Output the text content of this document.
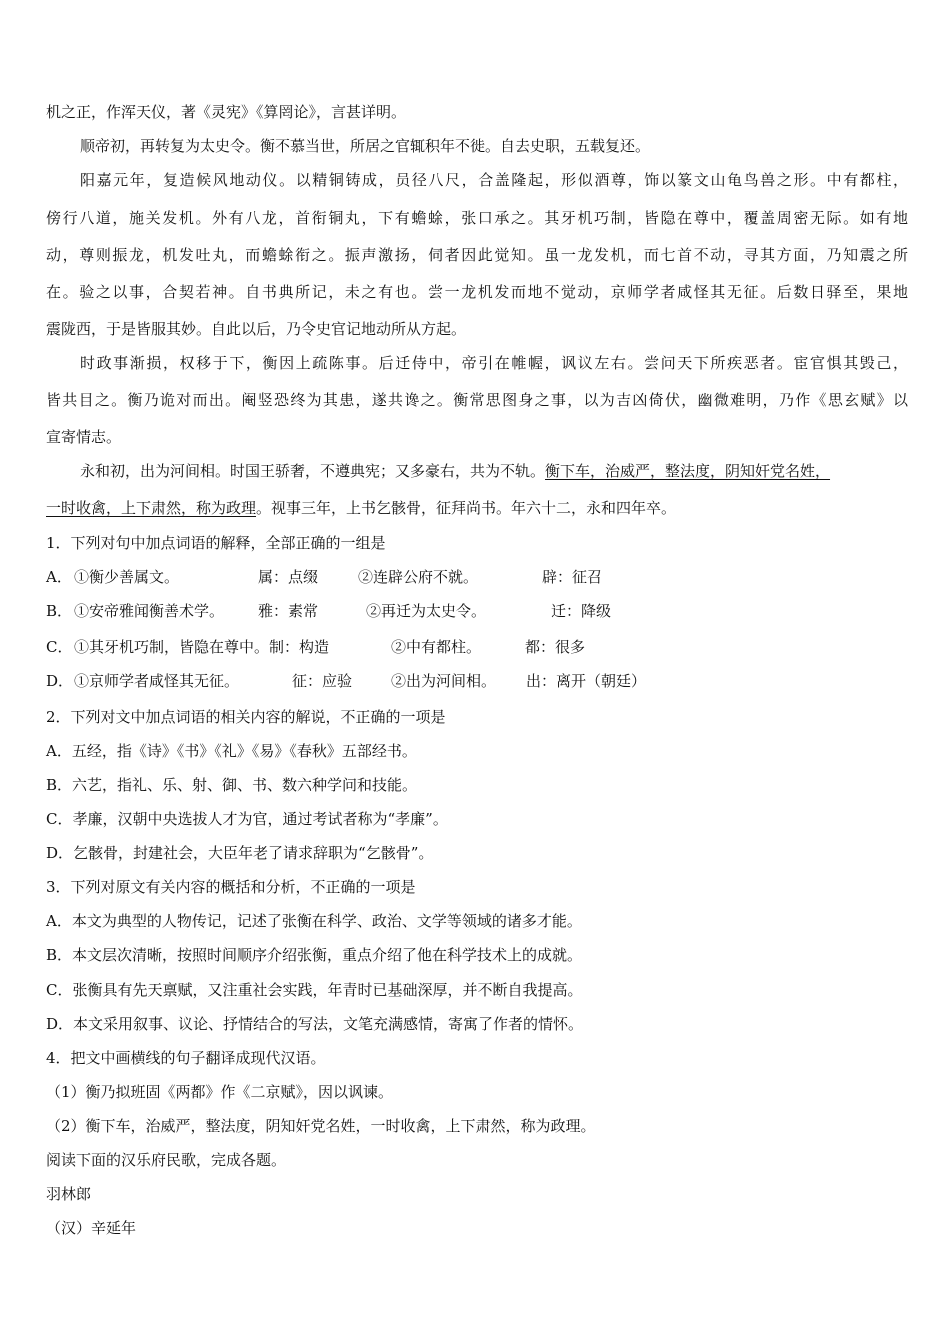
机之正，作浑天仪，著《灵宪》《算罔论》，言甚详明。
顺帝初，再转复为太史令。衡不慕当世，所居之官辄积年不徙。自去史职，五载复还。
阳嘉元年，复造候风地动仪。以精铜铸成，员径八尺，合盖隆起，形似酒尊，饰以篆文山龟鸟兽之形。中有都柱，
傍行八道，施关发机。外有八龙，首衔铜丸，下有蟾蜍，张口承之。其牙机巧制，皆隐在尊中，覆盖周密无际。如有地
动，尊则振龙，机发吐丸，而蟾蜍衔之。振声激扬，伺者因此觉知。虽一龙发机，而七首不动，寻其方面，乃知震之所
在。验之以事，合契若神。自书典所记，未之有也。尝一龙机发而地不觉动，京师学者咸怪其无征。后数日驿至，果地
震陇西，于是皆服其妙。自此以后，乃令史官记地动所从方起。
时政事渐损，权移于下，衡因上疏陈事。后迁侍中，帝引在帷幄，讽议左右。尝问天下所疾恶者。宦官惧其毁己，
皆共目之。衡乃诡对而出。阉竖恐终为其患，遂共谗之。衡常思图身之事，以为吉凶倚伏，幽微难明，乃作《思玄赋》以
宣寄情志。
永和初，出为河间相。时国王骄奢，不遵典宪；又多豪右，共为不轨。衡下车，治威严，整法度，阴知奸党名姓，
一时收禽，上下肃然，称为政理。视事三年，上书乞骸骨，征拜尚书。年六十二，永和四年卒。
1．下列对句中加点词语的解释，全部正确的一组是
A． ①衡少善属文。	属：点缀	②连辟公府不就。	辟：征召
B． ①安帝雅闻衡善术学。 雅：素常	②再迁为太史令。	迁：降级
C． ①其牙机巧制，皆隐在尊中。制：构造	②中有都柱。	都：很多
D． ①京师学者咸怪其无征。	征：应验	②出为河间相。 出：离开（朝廷）
2．下列对文中加点词语的相关内容的解说，不正确的一项是
A．五经，指《诗》《书》《礼》《易》《春秋》五部经书。
B．六艺，指礼、乐、射、御、书、数六种学问和技能。
C．孝廉，汉朝中央选拔人才为官，通过考试者称为“孝廉”。
D．乞骸骨，封建社会，大臣年老了请求辞职为“乞骸骨”。
3．下列对原文有关内容的概括和分析，不正确的一项是
A．本文为典型的人物传记，记述了张衡在科学、政治、文学等领域的诸多才能。
B．本文层次清晰，按照时间顺序介绍张衡，重点介绍了他在科学技术上的成就。
C．张衡具有先天禀赋，又注重社会实践，年青时已基础深厚，并不断自我提高。
D．本文采用叙事、议论、抒情结合的写法，文笔充满感情，寄寓了作者的情怀。
4．把文中画横线的句子翻译成现代汉语。
（1）衡乃拟班固《两都》作《二京赋》，因以讽谏。
（2）衡下车，治威严，整法度，阴知奸党名姓，一时收禽，上下肃然，称为政理。
阅读下面的汉乐府民歌，完成各题。
羽林郎
（汉）辛延年
